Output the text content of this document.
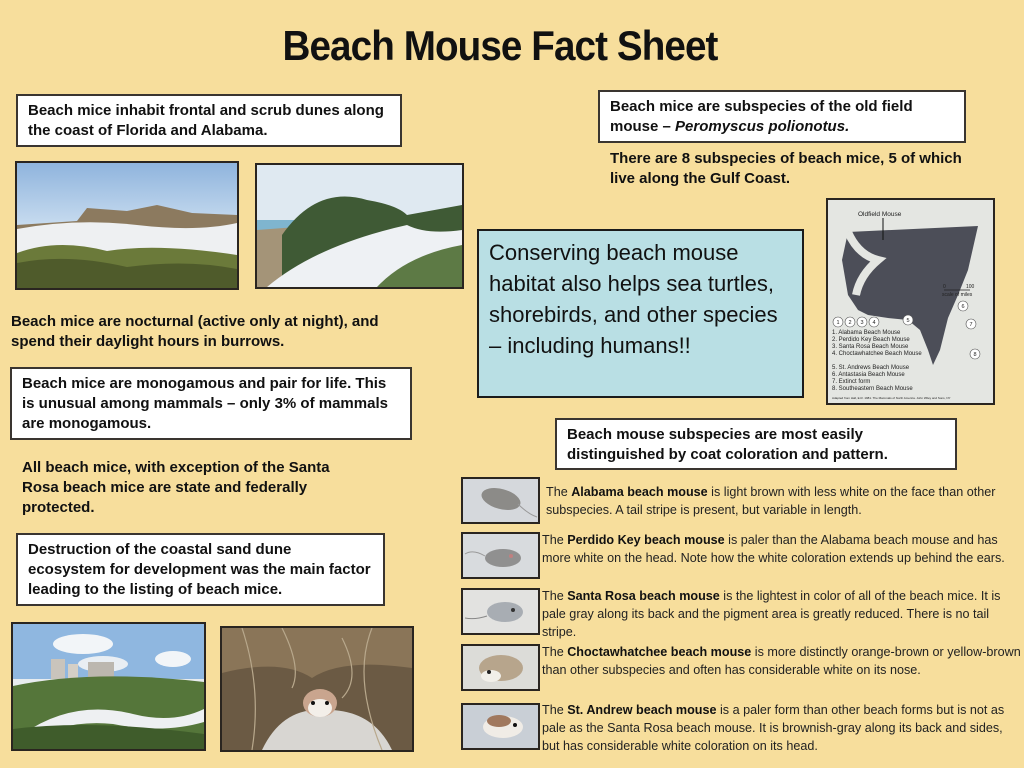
Beach Mouse Fact Sheet
Beach mice inhabit frontal and scrub dunes along the coast of Florida and Alabama.
Beach mice are subspecies of the old field mouse – Peromyscus polionotus.
There are 8 subspecies of beach mice, 5 of which live along the Gulf Coast.
Conserving beach mouse habitat also helps sea turtles, shorebirds, and other species – including humans!!
Oldfield Mouse
0	100
scale of miles
1 2 3 4	5
6
7
8
1. Alabama Beach Mouse
2. Perdido Key Beach Mouse
3. Santa Rosa Beach Mouse
4. Choctawhatchee Beach Mouse
5. St. Andrews Beach Mouse
6. Antastasia Beach Mouse
7. Extinct form
8. Southeastern Beach Mouse
Adapted from Hall, E.R. 1981. The Mammals of North America. John Wiley and Sons, NY
Beach mice are nocturnal (active only at night), and spend their daylight hours in burrows.
Beach mice are monogamous and pair for life. This is unusual among mammals – only 3% of mammals are monogamous.
All beach mice, with exception of the Santa Rosa beach mice are state and federally protected.
Destruction of the coastal sand dune ecosystem for development was the main factor leading to the listing of beach mice.
Beach mouse subspecies are most easily distinguished by coat coloration and pattern.
The Alabama beach mouse is light brown with less white on the face than other subspecies. A tail stripe is present, but variable in length.
The Perdido Key beach mouse is paler than the Alabama beach mouse and has more white on the head. Note how the white coloration extends up behind the ears.
The Santa Rosa beach mouse is the lightest in color of all of the beach mice. It is pale gray along its back and the pigment area is greatly reduced. There is no tail stripe.
The Choctawhatchee beach mouse is more distinctly orange-brown or yellow-brown than other subspecies and often has considerable white on its nose.
The St. Andrew beach mouse is a paler form than other beach forms but is not as pale as the Santa Rosa beach mouse. It is brownish-gray along its back and sides, but has considerable white coloration on its head.
